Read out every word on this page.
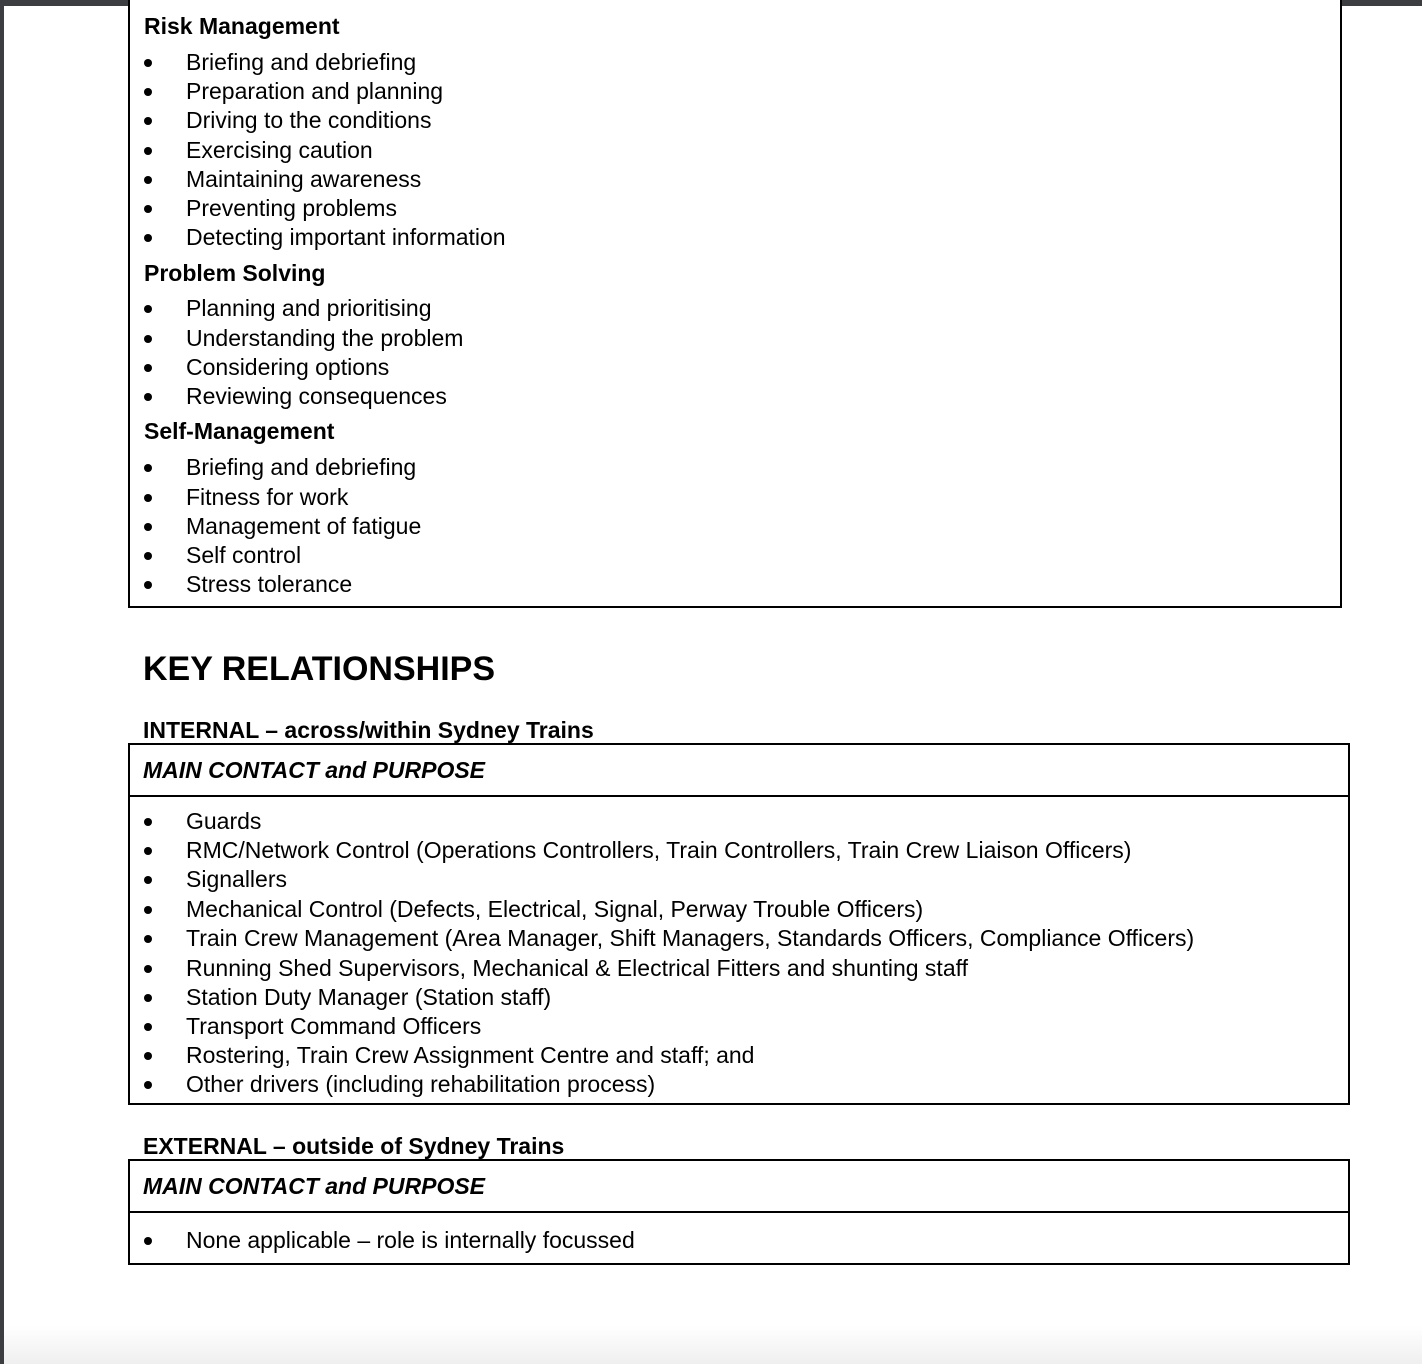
Risk Management
Briefing and debriefing
Preparation and planning
Driving to the conditions
Exercising caution
Maintaining awareness
Preventing problems
Detecting important information
Problem Solving
Planning and prioritising
Understanding the problem
Considering options
Reviewing consequences
Self-Management
Briefing and debriefing
Fitness for work
Management of fatigue
Self control
Stress tolerance
KEY RELATIONSHIPS
INTERNAL – across/within Sydney Trains
MAIN CONTACT and PURPOSE
Guards
RMC/Network Control (Operations Controllers, Train Controllers, Train Crew Liaison Officers)
Signallers
Mechanical Control (Defects, Electrical, Signal, Perway Trouble Officers)
Train Crew Management (Area Manager, Shift Managers, Standards Officers, Compliance Officers)
Running Shed Supervisors, Mechanical & Electrical Fitters and shunting staff
Station Duty Manager (Station staff)
Transport Command Officers
Rostering, Train Crew Assignment Centre and staff; and
Other drivers (including rehabilitation process)
EXTERNAL – outside of Sydney Trains
MAIN CONTACT and PURPOSE
None applicable – role is internally focussed
